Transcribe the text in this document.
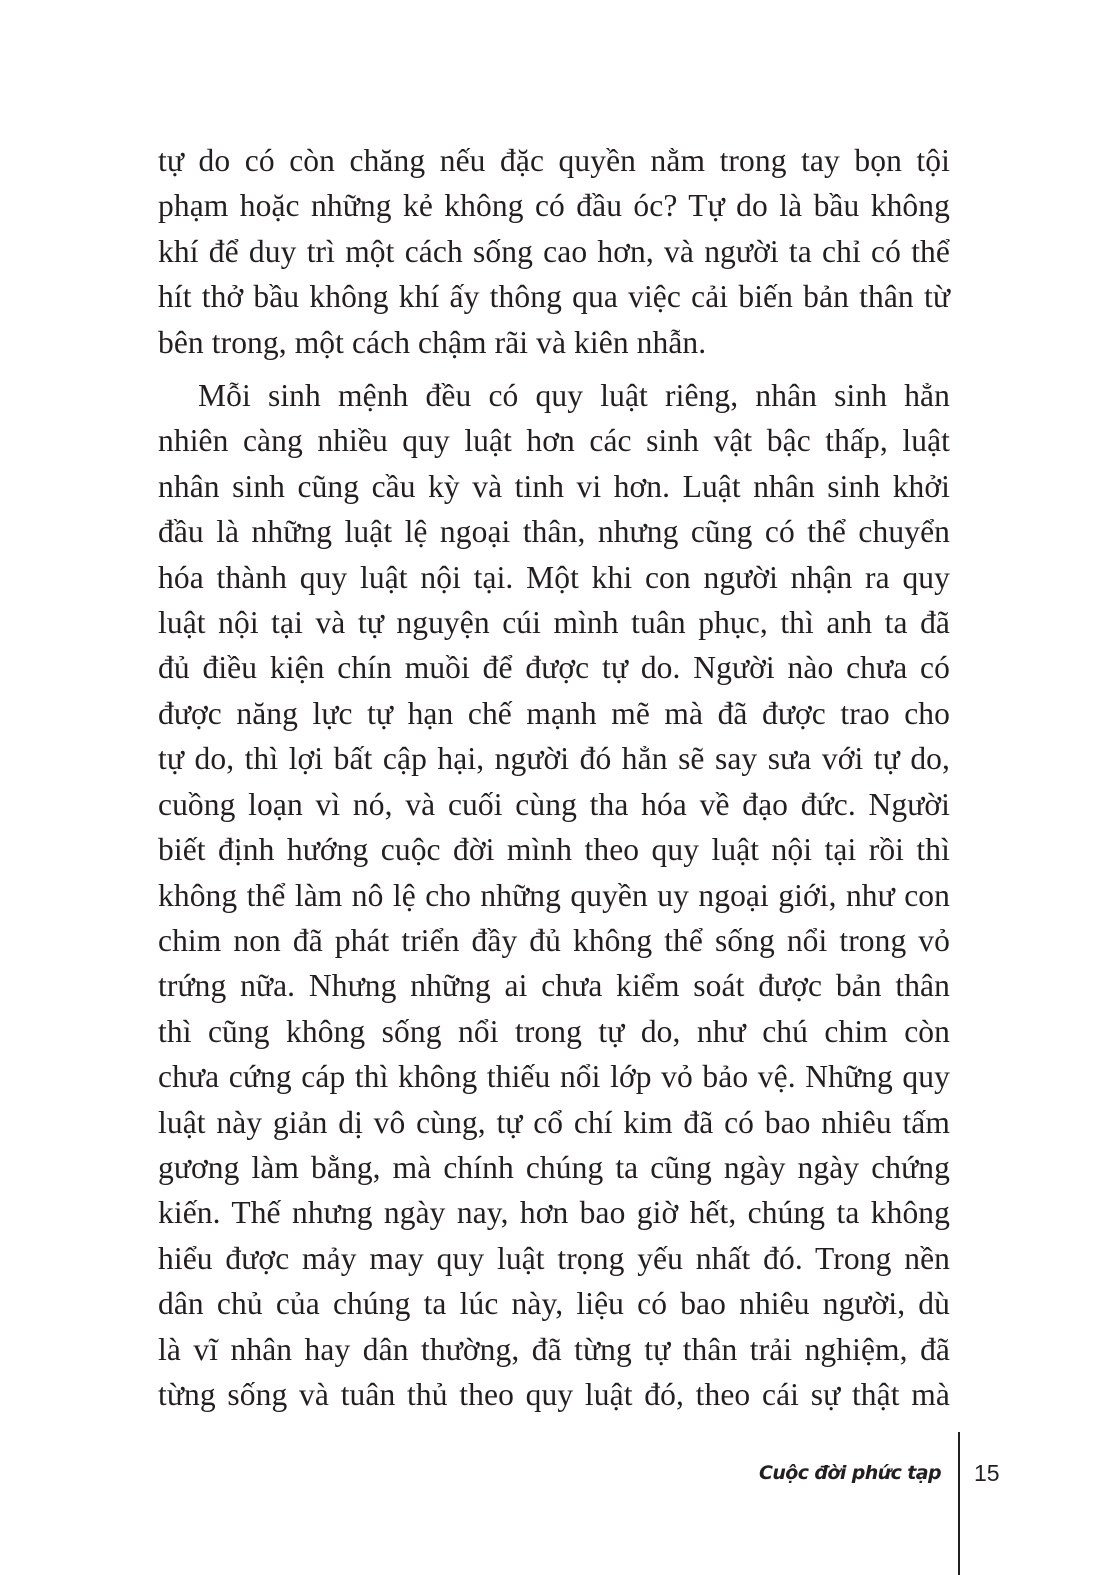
tự do có còn chăng nếu đặc quyền nằm trong tay bọn tội
phạm hoặc những kẻ không có đầu óc? Tự do là bầu không
khí để duy trì một cách sống cao hơn, và người ta chỉ có thể
hít thở bầu không khí ấy thông qua việc cải biến bản thân từ
bên trong, một cách chậm rãi và kiên nhẫn.

Mỗi sinh mệnh đều có quy luật riêng, nhân sinh hẳn
nhiên càng nhiều quy luật hơn các sinh vật bậc thấp, luật
nhân sinh cũng cầu kỳ và tinh vi hơn. Luật nhân sinh khởi
đầu là những luật lệ ngoại thân, nhưng cũng có thể chuyển
hóa thành quy luật nội tại. Một khi con người nhận ra quy
luật nội tại và tự nguyện cúi mình tuân phục, thì anh ta đã
đủ điều kiện chín muồi để được tự do. Người nào chưa có
được năng lực tự hạn chế mạnh mẽ mà đã được trao cho
tự do, thì lợi bất cập hại, người đó hẳn sẽ say sưa với tự do,
cuồng loạn vì nó, và cuối cùng tha hóa về đạo đức. Người
biết định hướng cuộc đời mình theo quy luật nội tại rồi thì
không thể làm nô lệ cho những quyền uy ngoại giới, như con
chim non đã phát triển đầy đủ không thể sống nổi trong vỏ
trứng nữa. Nhưng những ai chưa kiểm soát được bản thân
thì cũng không sống nổi trong tự do, như chú chim còn
chưa cứng cáp thì không thiếu nổi lớp vỏ bảo vệ. Những quy
luật này giản dị vô cùng, tự cổ chí kim đã có bao nhiêu tấm
gương làm bằng, mà chính chúng ta cũng ngày ngày chứng
kiến. Thế nhưng ngày nay, hơn bao giờ hết, chúng ta không
hiểu được mảy may quy luật trọng yếu nhất đó. Trong nền
dân chủ của chúng ta lúc này, liệu có bao nhiêu người, dù
là vĩ nhân hay dân thường, đã từng tự thân trải nghiệm, đã
từng sống và tuân thủ theo quy luật đó, theo cái sự thật mà

Cuộc đời phức tạp 15
